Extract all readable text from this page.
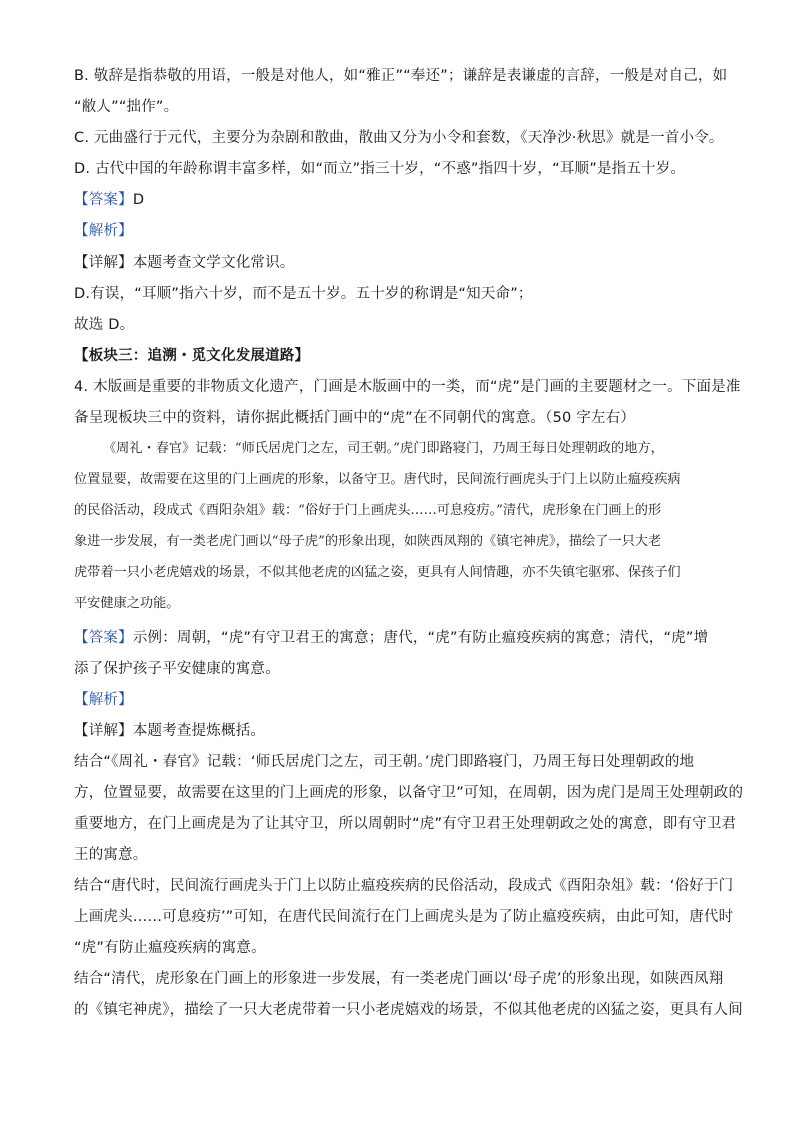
B. 敬辞是指恭敬的用语，一般是对他人，如“雅正”“奉还”；谦辞是表谦虚的言辞，一般是对自己，如
“敝人”“拙作”。
C. 元曲盛行于元代，主要分为杂剧和散曲，散曲又分为小令和套数，《天净沙·秋思》就是一首小令。
D. 古代中国的年龄称谓丰富多样，如“而立”指三十岁，“不惑”指四十岁，“耳顺”是指五十岁。
【答案】D
【解析】
【详解】本题考查文学文化常识。
D.有误，“耳顺”指六十岁，而不是五十岁。五十岁的称谓是“知天命”；
故选 D。
【板块三：追溯・觅文化发展道路】
4. 木版画是重要的非物质文化遗产，门画是木版画中的一类，而“虎”是门画的主要题材之一。下面是准
备呈现板块三中的资料，请你据此概括门画中的“虎”在不同朝代的寓意。（50 字左右）
《周礼・春官》记载：“师氏居虎门之左，司王朝。”虎门即路寝门，乃周王每日处理朝政的地方，
位置显要，故需要在这里的门上画虎的形象，以备守卫。唐代时，民间流行画虎头于门上以防止瘟疫疾病
的民俗活动，段成式《酉阳杂俎》载：“俗好于门上画虎头……可息疫疠。”清代，虎形象在门画上的形
象进一步发展，有一类老虎门画以“母子虎”的形象出现，如陕西凤翔的《镇宅神虎》，描绘了一只大老
虎带着一只小老虎嬉戏的场景，不似其他老虎的凶猛之姿，更具有人间情趣，亦不失镇宅驱邪、保孩子们
平安健康之功能。
【答案】示例：周朝，“虎”有守卫君王的寓意；唐代，“虎”有防止瘟疫疾病的寓意；清代，“虎”增
添了保护孩子平安健康的寓意。
【解析】
【详解】本题考查提炼概括。
结合“《周礼・春官》记载：‘师氏居虎门之左，司王朝。’虎门即路寝门，乃周王每日处理朝政的地
方，位置显要，故需要在这里的门上画虎的形象，以备守卫”可知，在周朝，因为虎门是周王处理朝政的
重要地方，在门上画虎是为了让其守卫，所以周朝时“虎”有守卫君王处理朝政之处的寓意，即有守卫君
王的寓意。
结合“唐代时，民间流行画虎头于门上以防止瘟疫疾病的民俗活动，段成式《酉阳杂俎》载：‘俗好于门
上画虎头……可息疫疠’”可知，在唐代民间流行在门上画虎头是为了防止瘟疫疾病，由此可知，唐代时
“虎”有防止瘟疫疾病的寓意。
结合“清代，虎形象在门画上的形象进一步发展，有一类老虎门画以‘母子虎’的形象出现，如陕西凤翔
的《镇宅神虎》，描绘了一只大老虎带着一只小老虎嬉戏的场景，不似其他老虎的凶猛之姿，更具有人间
